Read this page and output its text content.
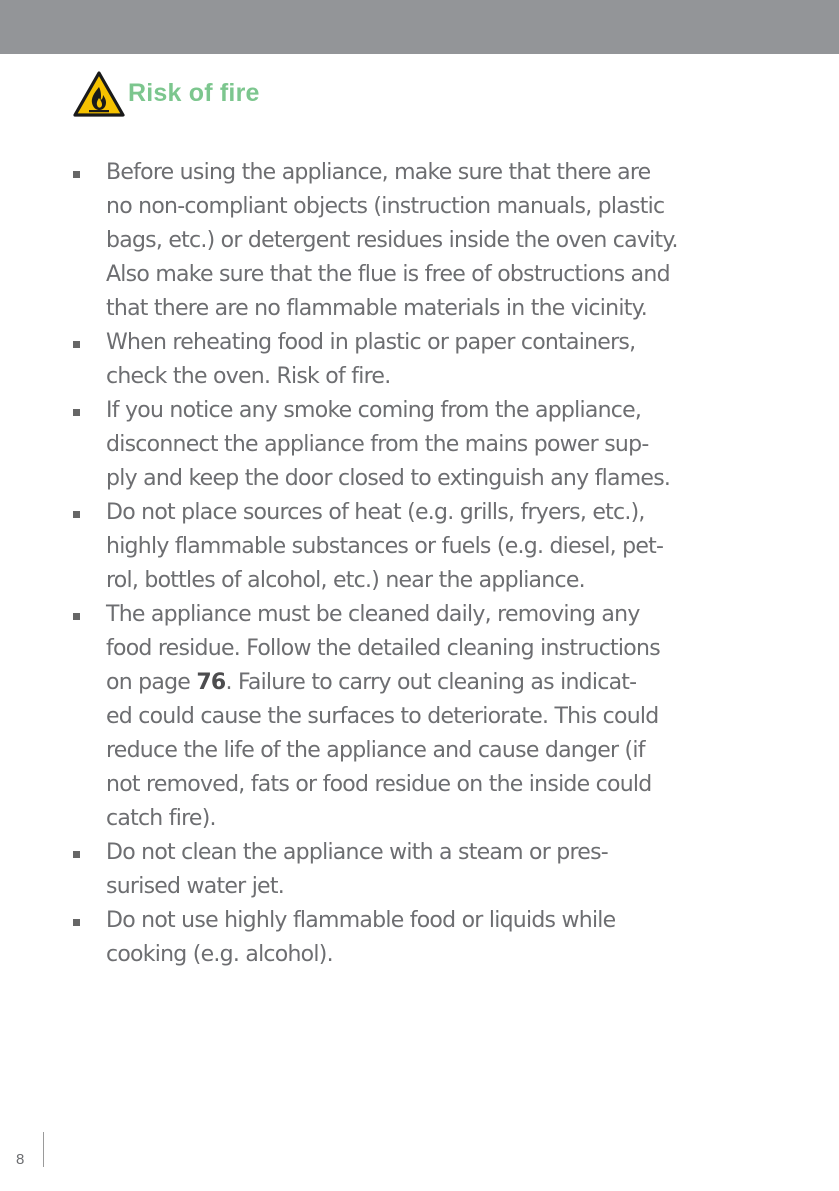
Risk of fire
Before using the appliance, make sure that there are
no non-compliant objects (instruction manuals, plastic
bags, etc.) or detergent residues inside the oven cavity.
Also make sure that the flue is free of obstructions and
that there are no flammable materials in the vicinity.
When reheating food in plastic or paper containers,
check the oven. Risk of fire.
If you notice any smoke coming from the appliance,
disconnect the appliance from the mains power sup-
ply and keep the door closed to extinguish any flames.
Do not place sources of heat (e.g. grills, fryers, etc.),
highly flammable substances or fuels (e.g. diesel, pet-
rol, bottles of alcohol, etc.) near the appliance.
The appliance must be cleaned daily, removing any
food residue. Follow the detailed cleaning instructions
on page 76. Failure to carry out cleaning as indicat-
ed could cause the surfaces to deteriorate. This could
reduce the life of the appliance and cause danger (if
not removed, fats or food residue on the inside could
catch fire).
Do not clean the appliance with a steam or pres-
surised water jet.
Do not use highly flammable food or liquids while
cooking (e.g. alcohol).
8
